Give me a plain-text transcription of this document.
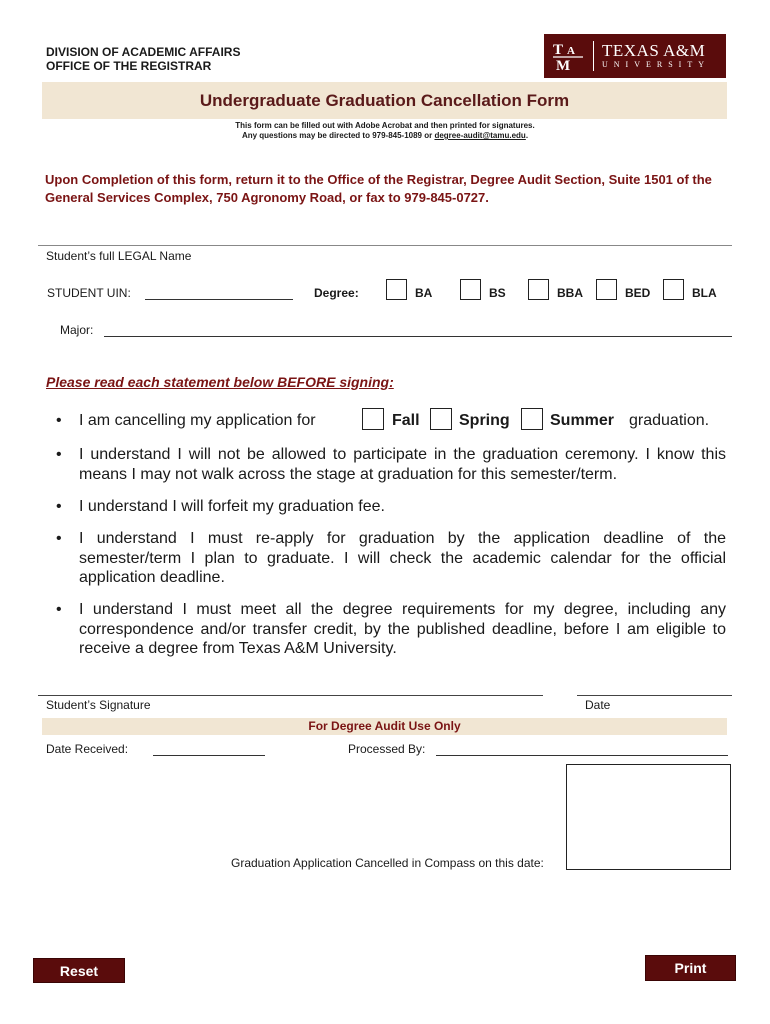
DIVISION OF ACADEMIC AFFAIRS
OFFICE OF THE REGISTRAR
T A
M
TEXAS A&M
UNIVERSITY
Undergraduate Graduation Cancellation Form
This form can be filled out with Adobe Acrobat and then printed for signatures.
Any questions may be directed to 979-845-1089 or degree-audit@tamu.edu.
Upon Completion of this form, return it to the Office of the Registrar, Degree Audit Section, Suite 1501 of the General Services Complex, 750 Agronomy Road, or fax to 979-845-0727.
Student’s full LEGAL Name
STUDENT UIN:	Degree:	BA	BS	BBA	BED	BLA
Major:
Please read each statement below BEFORE signing:
• I am cancelling my application for	Fall Spring	Summer graduation.
• I understand I will not be allowed to participate in the graduation ceremony. I know this means I may not walk across the stage at graduation for this semester/term.
• I understand I will forfeit my graduation fee.
• I understand I must re-apply for graduation by the application deadline of the semester/term I plan to graduate. I will check the academic calendar for the official application deadline.
• I understand I must meet all the degree requirements for my degree, including any correspondence and/or transfer credit, by the published deadline, before I am eligible to receive a degree from Texas A&M University.
Student’s Signature	Date
For Degree Audit Use Only
Date Received:	Processed By:
Graduation Application Cancelled in Compass on this date:
Reset	Print
